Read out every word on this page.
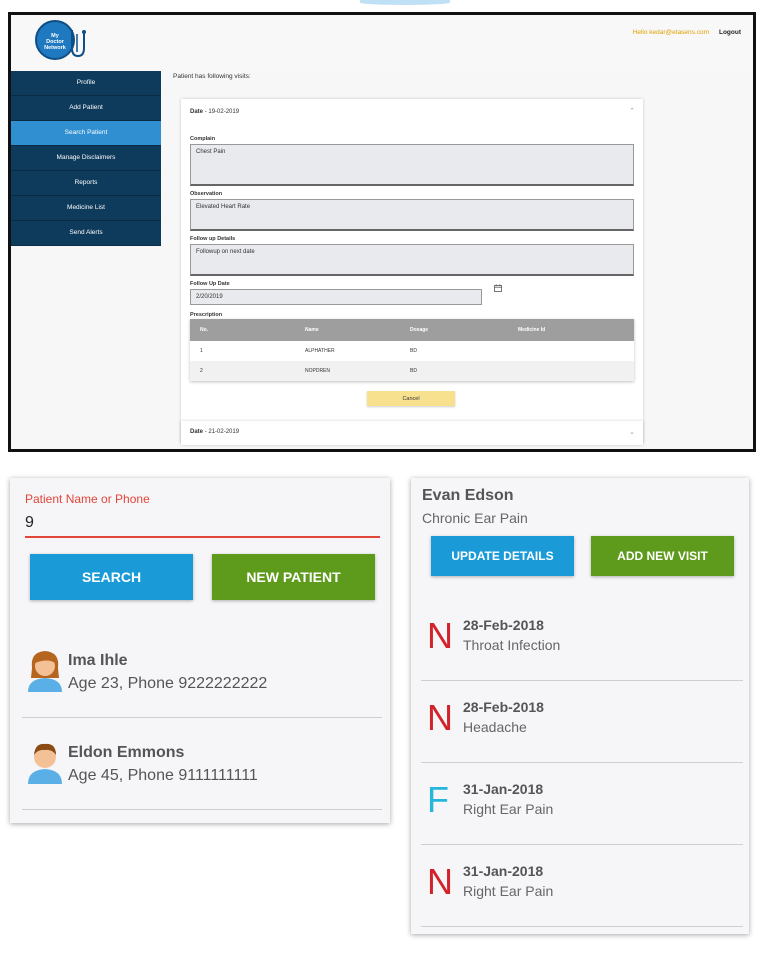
My
Doctor
Network
Hello kedar@etasens.com Logout
Profile
Add Patient
Search Patient
Manage Disclaimers
Reports
Medicine List
Send Alerts
Patient has following visits:
Date - 19-02-2019	⌃
Complain
Chest Pain
Observation
Elevated Heart Rate
Follow up Details
Followup on next date
Follow Up Date
2/20/2019
Prescription
No.	Name	Dosage	Medicine Id
1	ALPHATHER	BD
2	NOPDREN	BD
Cancel
Date - 21-02-2019	⌄
Patient Name or Phone
9
SEARCH	NEW PATIENT
Ima Ihle
Age 23, Phone 9222222222
Eldon Emmons
Age 45, Phone 9111111111
Evan Edson
Chronic Ear Pain
UPDATE DETAILS	ADD NEW VISIT
N 28-Feb-2018
Throat Infection
N 28-Feb-2018
Headache
F 31-Jan-2018
Right Ear Pain
N 31-Jan-2018
Right Ear Pain
